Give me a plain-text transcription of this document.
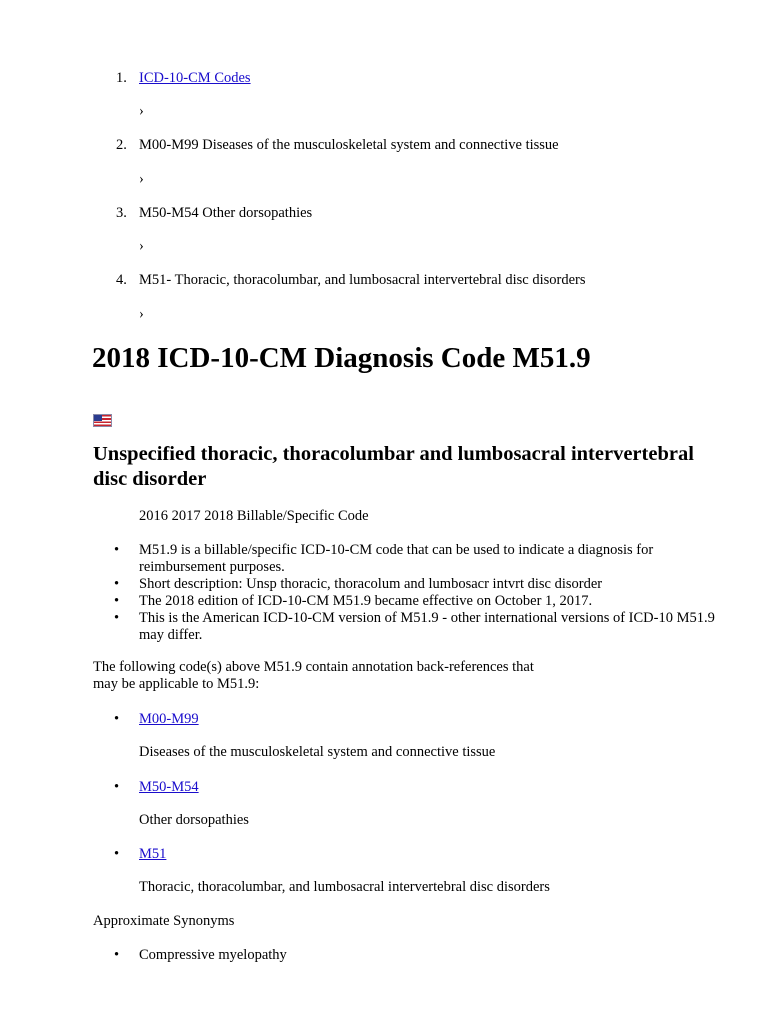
1. ICD-10-CM Codes
2. M00-M99 Diseases of the musculoskeletal system and connective tissue
3. M50-M54 Other dorsopathies
4. M51- Thoracic, thoracolumbar, and lumbosacral intervertebral disc disorders
›
›
›
›
2018 ICD-10-CM Diagnosis Code M51.9
Unspecified thoracic, thoracolumbar and lumbosacral intervertebral disc disorder
2016 2017 2018 Billable/Specific Code
• M51.9 is a billable/specific ICD-10-CM code that can be used to indicate a diagnosis for reimbursement purposes.
• Short description: Unsp thoracic, thoracolum and lumbosacr intvrt disc disorder
• The 2018 edition of ICD-10-CM M51.9 became effective on October 1, 2017.
• This is the American ICD-10-CM version of M51.9 - other international versions of ICD-10 M51.9 may differ.

The following code(s) above M51.9 contain annotation back-references that may be applicable to M51.9:

• M00-M99
Diseases of the musculoskeletal system and connective tissue
• M50-M54
Other dorsopathies
• M51
Thoracic, thoracolumbar, and lumbosacral intervertebral disc disorders
Approximate Synonyms
• Compressive myelopathy
